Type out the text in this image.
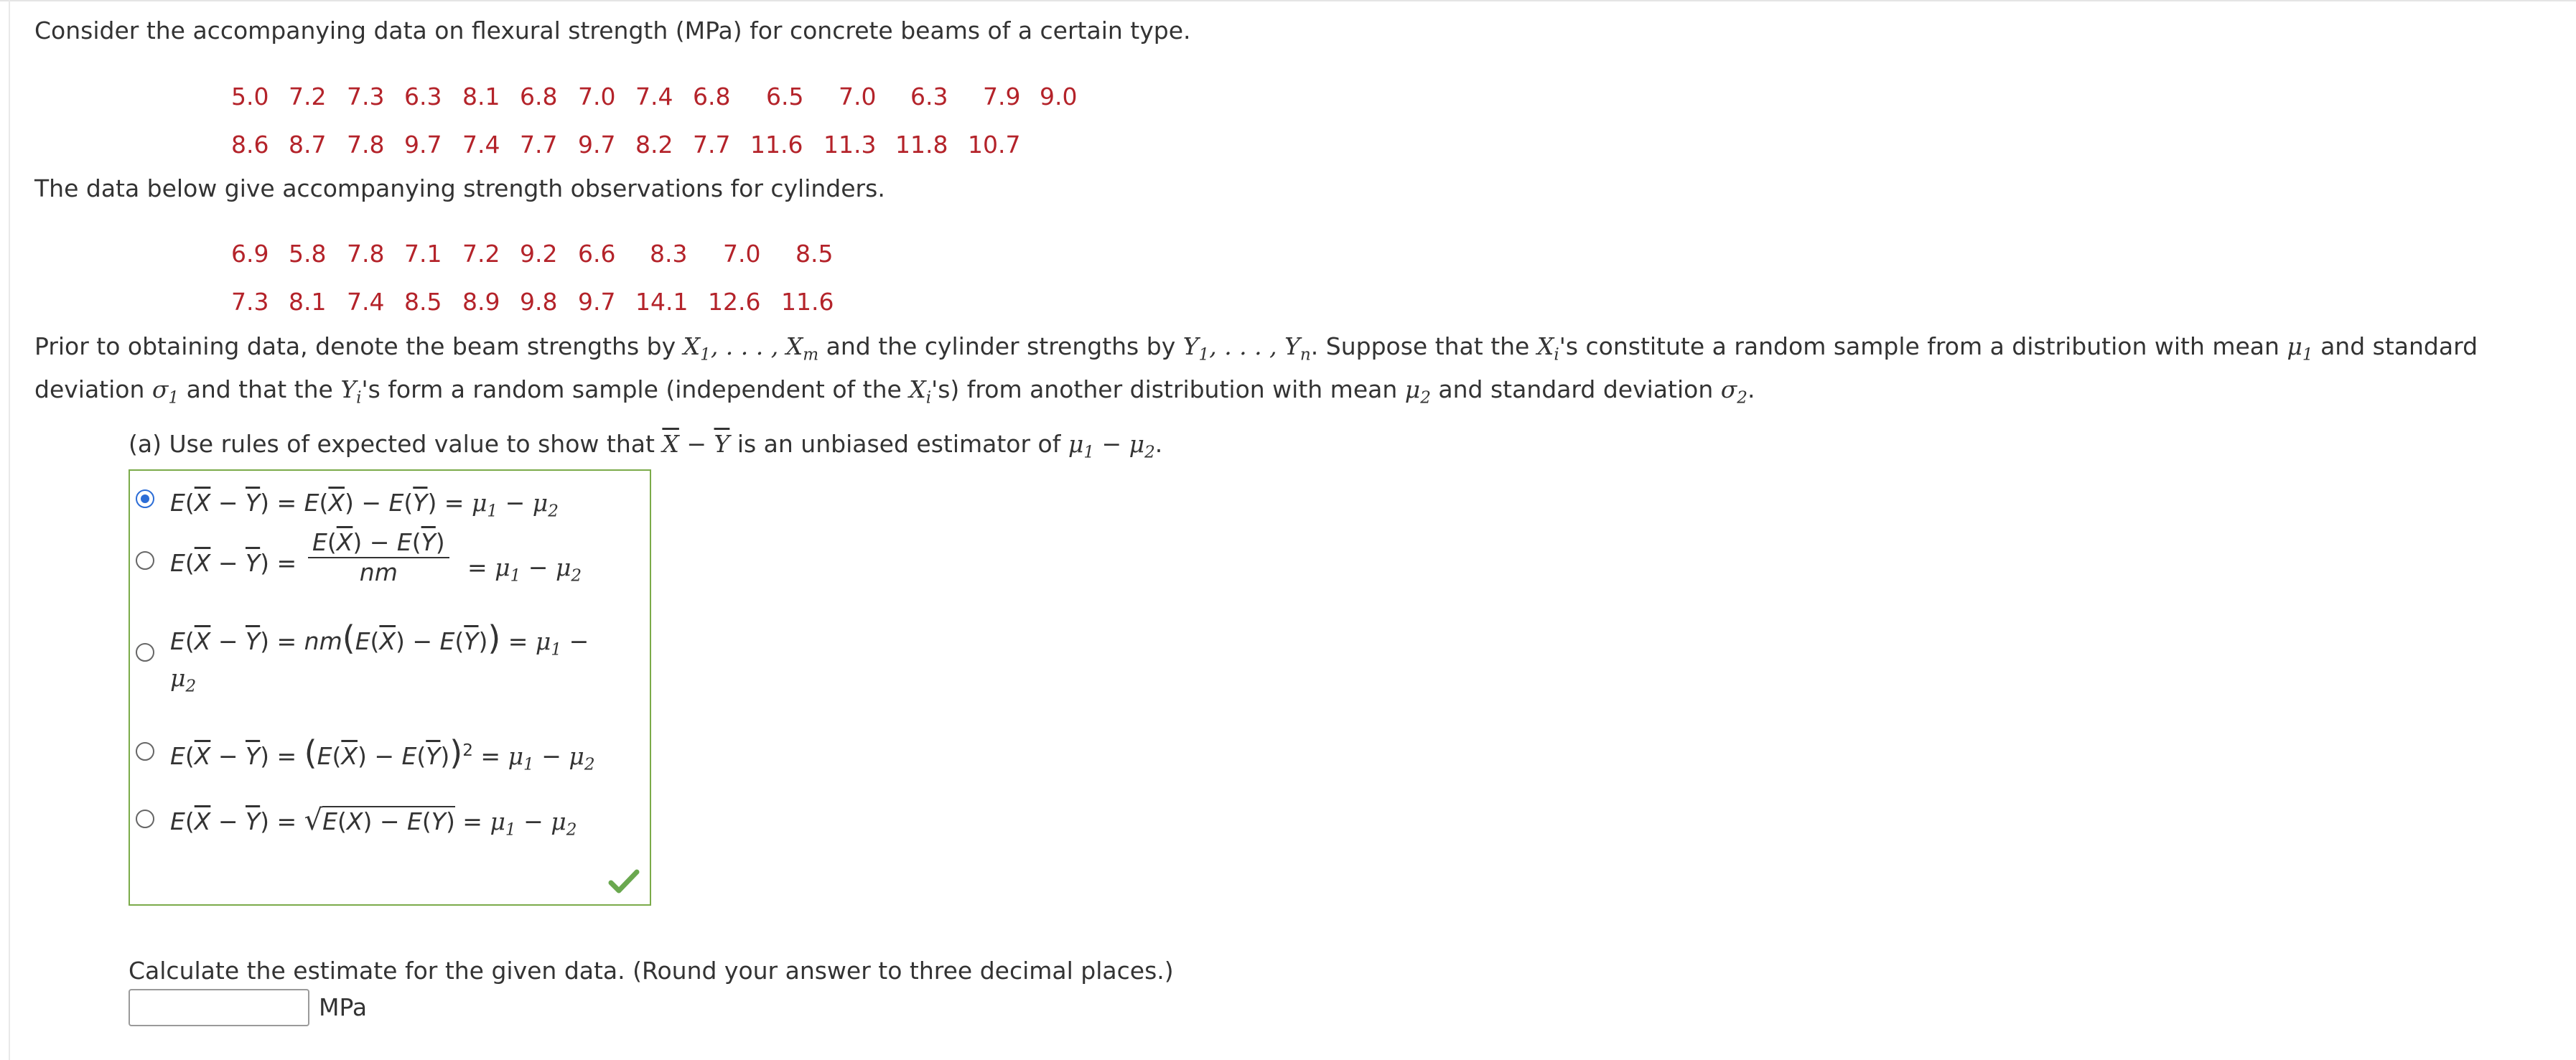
Consider the accompanying data on flexural strength (MPa) for concrete beams of a certain type.
5.0 7.2 7.3 6.3 8.1 6.8 7.0 7.4 6.8 6.5 7.0 6.3 7.9 9.0
8.6 8.7 7.8 9.7 7.4 7.7 9.7 8.2 7.7 11.6 11.3 11.8 10.7
The data below give accompanying strength observations for cylinders.
6.9 5.8 7.8 7.1 7.2 9.2 6.6 8.3 7.0 8.5
7.3 8.1 7.4 8.5 8.9 9.8 9.7 14.1 12.6 11.6
Prior to obtaining data, denote the beam strengths by $X_1$, . . . , $X_m$ and the cylinder strengths by $Y_1$, . . . , $Y_n$. Suppose that the $X_i's$ constitute a random sample from a distribution with mean $\mu_1$ and standard
deviation $\sigma_1$ and that the $Y_i's$ form a random sample (independent of the $X_i's$) from another distribution with mean $\mu_2$ and standard deviation $\sigma_2$.
(a) Use rules of expected value to show that $\overline{X} - \overline{Y}$ is an unbiased estimator of $\mu_1 - \mu_2$.
$E(\overline{X} - \overline{Y}) = E(\overline{X}) - E(\overline{Y}) = \mu_1 - \mu_2$
$E(\overline{X} - \overline{Y}) = \frac{E(\overline{X}) - E(\overline{Y})}{nm} = \mu_1 - \mu_2$
$E(\overline{X} - \overline{Y}) = nm(E(\overline{X}) - E(\overline{Y})) = \mu_1$ −
$\mu_2$
$E(\overline{X} - \overline{Y}) = (E(\overline{X}) - E(\overline{Y}))^2 = \mu_1 - \mu_2$
$E(\overline{X} - \overline{Y}) = √E(X) - E(Y) = \mu_1 - \mu_2$
Calculate the estimate for the given data. (Round your answer to three decimal places.)
MPa
